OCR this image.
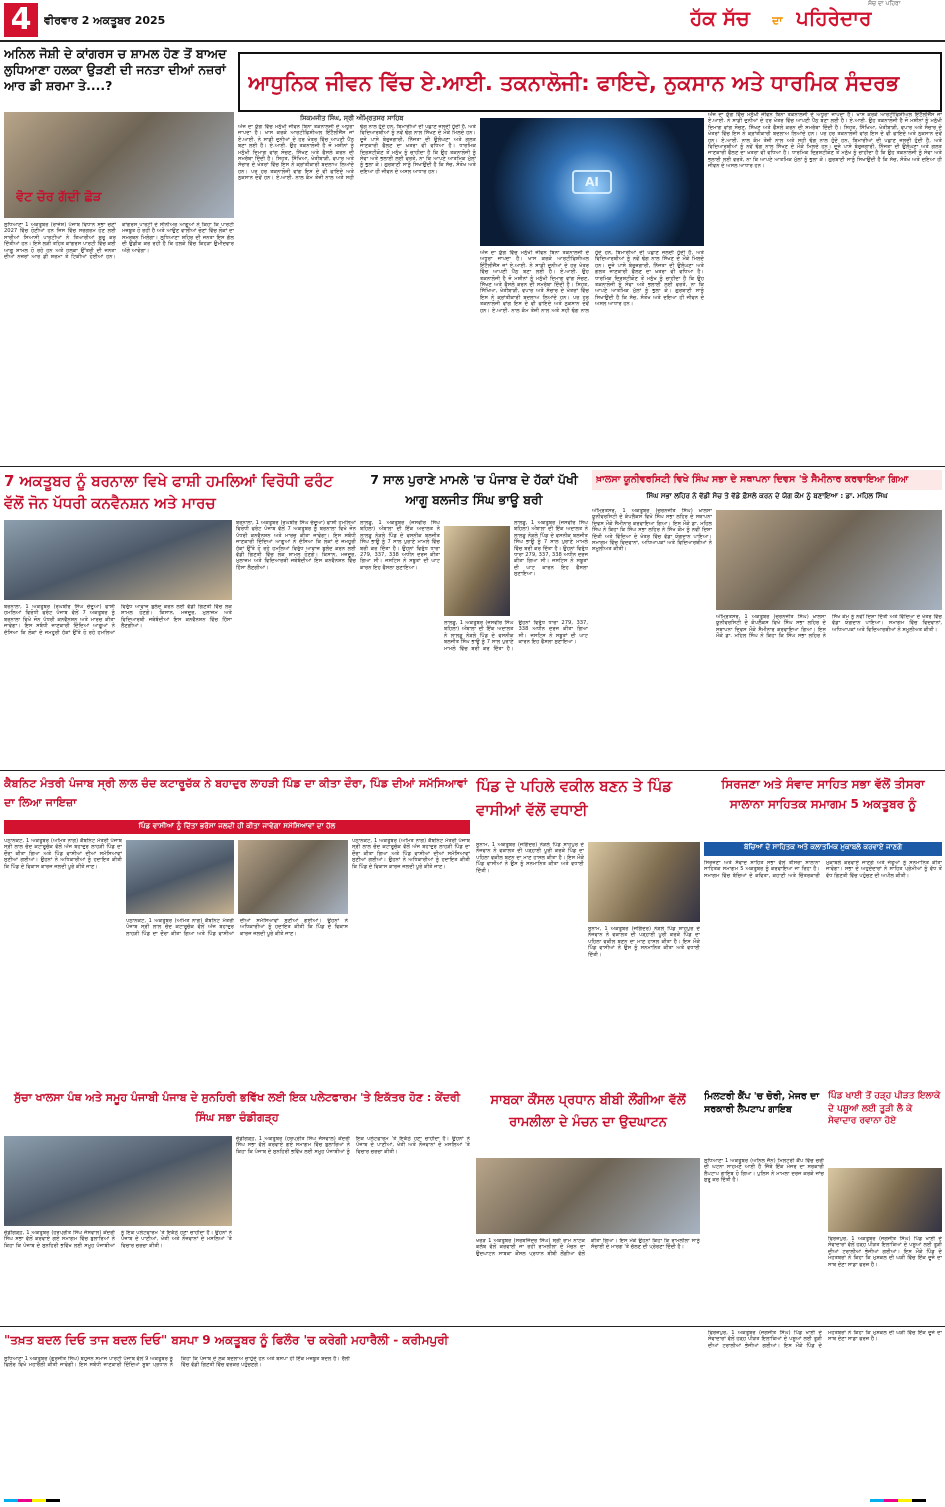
4	ਵੀਰਵਾਰ 2 ਅਕਤੂਬਰ 2025
ਸੱਚ ਦਾ ਪਹਿਰਾ
ਹੱਕ ਸੱਚ	ਦਾ ਪਹਿਰੇਦਾਰ
ਅਨਿਲ ਜੋਸ਼ੀ ਦੇ ਕਾਂਗਰਸ ਚ ਸ਼ਾਮਲ ਹੋਣ ਤੋਂ ਬਾਅਦ ਲੁਧਿਆਣਾ ਹਲਕਾ ਉੜਣੀ ਦੀ ਜਨਤਾ ਦੀਆਂ ਨਜ਼ਰਾਂ ਆਰ ਡੀ ਸ਼ਰਮਾ ਤੇ....?
ਵੋਟ ਚੋਰ ਗੱਦੀ ਛੋੜ
ਲੁਧਿਆਣਾ 1 ਅਕਤੂਬਰ (ਰਾਜੇਸ਼) ਪੰਜਾਬ ਵਿਧਾਨ ਸਭਾ ਚੋਣਾਂ 2027 ਵਿੱਚ ਹੋਣੀਆਂ ਹਨ ਜਿਸ ਵਿੱਚ ਸਰਗਰਮ ਹੋਣ ਲਈ ਸਾਰੀਆਂ ਸਿਆਸੀ ਪਾਰਟੀਆਂ ਨੇ ਤਿਆਰੀਆਂ ਸ਼ੁਰੂ ਕਰ ਦਿੱਤੀਆਂ ਹਨ। ਇਸੇ ਲੜੀ ਤਹਿਤ ਕਾਂਗਰਸ ਪਾਰਟੀ ਵਿੱਚ ਕਈ ਆਗੂ ਸ਼ਾਮਲ ਹੋ ਰਹੇ ਹਨ ਅਤੇ ਹਲਕਾ ਉੱਤਰੀ ਦੀ ਜਨਤਾ ਦੀਆਂ ਨਜ਼ਰਾਂ ਆਰ ਡੀ ਸ਼ਰਮਾ ਤੇ ਟਿਕੀਆਂ ਹੋਈਆਂ ਹਨ। ਕਾਂਗਰਸ ਪਾਰਟੀ ਦੇ ਸੀਨੀਅਰ ਆਗੂਆਂ ਨੇ ਕਿਹਾ ਕਿ ਪਾਰਟੀ ਮਜ਼ਬੂਤ ਹੋ ਰਹੀ ਹੈ ਅਤੇ ਆਉਣ ਵਾਲੀਆਂ ਚੋਣਾਂ ਵਿੱਚ ਲੋਕਾਂ ਦਾ ਸਮਰਥਨ ਮਿਲੇਗਾ। ਲੁਧਿਆਣਾ ਸ਼ਹਿਰ ਦੀ ਜਨਤਾ ਇਸ ਗੱਲ ਦੀ ਉਡੀਕ ਕਰ ਰਹੀ ਹੈ ਕਿ ਹਲਕੇ ਵਿੱਚ ਕਿਹੜਾ ਉਮੀਦਵਾਰ ਅੱਗੇ ਆਵੇਗਾ।
ਆਧੁਨਿਕ ਜੀਵਨ ਵਿੱਚ ਏ.ਆਈ. ਤਕਨਾਲੋਜੀ: ਫਾਇਦੇ, ਨੁਕਸਾਨ ਅਤੇ ਧਾਰਮਿਕ ਸੰਦਰਭ
ਸਿਕਮਜੀਤ ਸਿੰਘ, ਸ੍ਰੀ ਅੰਮ੍ਰਿਤਸਰ ਸਾਹਿਬ
AI
ਅੱਜ ਦਾ ਯੁੱਗ ਵਿੱਚ ਮਨੁੱਖੀ ਜੀਵਨ ਬਿਨਾ ਤਕਨਾਲੋਜੀ ਦੇ ਅਧੂਰਾ ਜਾਪਦਾ ਹੈ। ਖਾਸ ਕਰਕੇ ਆਰਟੀਫਿਸ਼ੀਅਲ ਇੰਟੈਲੀਜੈਂਸ ਜਾਂ ਏ.ਆਈ. ਨੇ ਸਾਡੀ ਦੁਨੀਆਂ ਦੇ ਹਰ ਖੇਤਰ ਵਿੱਚ ਆਪਣੀ ਪੈਂਠ ਬਣਾ ਲਈ ਹੈ। ਏ.ਆਈ. ਉਹ ਤਕਨਾਲੋਜੀ ਹੈ ਜੋ ਮਸ਼ੀਨਾਂ ਨੂੰ ਮਨੁੱਖੀ ਦਿਮਾਗ ਵਾਂਗ ਸੋਚਣ, ਸਿੱਖਣ ਅਤੇ ਫੈਸਲੇ ਕਰਨ ਦੀ ਸਮਰੱਥਾ ਦਿੰਦੀ ਹੈ। ਸਿਹਤ, ਸਿੱਖਿਆ, ਖੇਤੀਬਾੜੀ, ਵਪਾਰ ਅਤੇ ਸੰਚਾਰ ਦੇ ਖੇਤਰਾਂ ਵਿੱਚ ਇਸ ਨੇ ਕ੍ਰਾਂਤੀਕਾਰੀ ਬਦਲਾਅ ਲਿਆਂਦੇ ਹਨ। ਪਰ ਹਰ ਤਕਨਾਲੋਜੀ ਵਾਂਗ ਇਸ ਦੇ ਵੀ ਫਾਇਦੇ ਅਤੇ ਨੁਕਸਾਨ ਦੋਵੇਂ ਹਨ। ਏ.ਆਈ. ਨਾਲ ਕੰਮ ਤੇਜ਼ੀ ਨਾਲ ਅਤੇ ਸਹੀ ਢੰਗ ਨਾਲ ਹੁੰਦੇ ਹਨ, ਬਿਮਾਰੀਆਂ ਦੀ ਪਛਾਣ ਜਲਦੀ ਹੁੰਦੀ ਹੈ, ਅਤੇ ਵਿਦਿਆਰਥੀਆਂ ਨੂੰ ਨਵੇਂ ਢੰਗ ਨਾਲ ਸਿੱਖਣ ਦੇ ਮੌਕੇ ਮਿਲਦੇ ਹਨ। ਦੂਜੇ ਪਾਸੇ ਬੇਰੁਜ਼ਗਾਰੀ, ਨਿੱਜਤਾ ਦੀ ਉਲੰਘਣਾ ਅਤੇ ਗਲਤ ਜਾਣਕਾਰੀ ਫੈਲਣ ਦਾ ਖ਼ਤਰਾ ਵੀ ਵਧਿਆ ਹੈ। ਧਾਰਮਿਕ ਦ੍ਰਿਸ਼ਟੀਕੋਣ ਤੋਂ ਮਨੁੱਖ ਨੂੰ ਚਾਹੀਦਾ ਹੈ ਕਿ ਉਹ ਤਕਨਾਲੋਜੀ ਨੂੰ ਸੇਵਾ ਅਤੇ ਭਲਾਈ ਲਈ ਵਰਤੇ, ਨਾ ਕਿ ਆਪਣੇ ਆਤਮਿਕ ਮੁੱਲਾਂ ਨੂੰ ਭੁਲਾ ਕੇ। ਗੁਰਬਾਣੀ ਸਾਨੂੰ ਸਿਖਾਉਂਦੀ ਹੈ ਕਿ ਸੱਚ, ਸੰਤੋਖ ਅਤੇ ਦਇਆ ਹੀ ਜੀਵਨ ਦੇ ਅਸਲ ਆਧਾਰ ਹਨ।
ਅੱਜ ਦਾ ਯੁੱਗ ਵਿੱਚ ਮਨੁੱਖੀ ਜੀਵਨ ਬਿਨਾ ਤਕਨਾਲੋਜੀ ਦੇ ਅਧੂਰਾ ਜਾਪਦਾ ਹੈ। ਖਾਸ ਕਰਕੇ ਆਰਟੀਫਿਸ਼ੀਅਲ ਇੰਟੈਲੀਜੈਂਸ ਜਾਂ ਏ.ਆਈ. ਨੇ ਸਾਡੀ ਦੁਨੀਆਂ ਦੇ ਹਰ ਖੇਤਰ ਵਿੱਚ ਆਪਣੀ ਪੈਂਠ ਬਣਾ ਲਈ ਹੈ। ਏ.ਆਈ. ਉਹ ਤਕਨਾਲੋਜੀ ਹੈ ਜੋ ਮਸ਼ੀਨਾਂ ਨੂੰ ਮਨੁੱਖੀ ਦਿਮਾਗ ਵਾਂਗ ਸੋਚਣ, ਸਿੱਖਣ ਅਤੇ ਫੈਸਲੇ ਕਰਨ ਦੀ ਸਮਰੱਥਾ ਦਿੰਦੀ ਹੈ। ਸਿਹਤ, ਸਿੱਖਿਆ, ਖੇਤੀਬਾੜੀ, ਵਪਾਰ ਅਤੇ ਸੰਚਾਰ ਦੇ ਖੇਤਰਾਂ ਵਿੱਚ ਇਸ ਨੇ ਕ੍ਰਾਂਤੀਕਾਰੀ ਬਦਲਾਅ ਲਿਆਂਦੇ ਹਨ। ਪਰ ਹਰ ਤਕਨਾਲੋਜੀ ਵਾਂਗ ਇਸ ਦੇ ਵੀ ਫਾਇਦੇ ਅਤੇ ਨੁਕਸਾਨ ਦੋਵੇਂ ਹਨ। ਏ.ਆਈ. ਨਾਲ ਕੰਮ ਤੇਜ਼ੀ ਨਾਲ ਅਤੇ ਸਹੀ ਢੰਗ ਨਾਲ ਹੁੰਦੇ ਹਨ, ਬਿਮਾਰੀਆਂ ਦੀ ਪਛਾਣ ਜਲਦੀ ਹੁੰਦੀ ਹੈ, ਅਤੇ ਵਿਦਿਆਰਥੀਆਂ ਨੂੰ ਨਵੇਂ ਢੰਗ ਨਾਲ ਸਿੱਖਣ ਦੇ ਮੌਕੇ ਮਿਲਦੇ ਹਨ। ਦੂਜੇ ਪਾਸੇ ਬੇਰੁਜ਼ਗਾਰੀ, ਨਿੱਜਤਾ ਦੀ ਉਲੰਘਣਾ ਅਤੇ ਗਲਤ ਜਾਣਕਾਰੀ ਫੈਲਣ ਦਾ ਖ਼ਤਰਾ ਵੀ ਵਧਿਆ ਹੈ। ਧਾਰਮਿਕ ਦ੍ਰਿਸ਼ਟੀਕੋਣ ਤੋਂ ਮਨੁੱਖ ਨੂੰ ਚਾਹੀਦਾ ਹੈ ਕਿ ਉਹ ਤਕਨਾਲੋਜੀ ਨੂੰ ਸੇਵਾ ਅਤੇ ਭਲਾਈ ਲਈ ਵਰਤੇ, ਨਾ ਕਿ ਆਪਣੇ ਆਤਮਿਕ ਮੁੱਲਾਂ ਨੂੰ ਭੁਲਾ ਕੇ। ਗੁਰਬਾਣੀ ਸਾਨੂੰ ਸਿਖਾਉਂਦੀ ਹੈ ਕਿ ਸੱਚ, ਸੰਤੋਖ ਅਤੇ ਦਇਆ ਹੀ ਜੀਵਨ ਦੇ ਅਸਲ ਆਧਾਰ ਹਨ।
ਅੱਜ ਦਾ ਯੁੱਗ ਵਿੱਚ ਮਨੁੱਖੀ ਜੀਵਨ ਬਿਨਾ ਤਕਨਾਲੋਜੀ ਦੇ ਅਧੂਰਾ ਜਾਪਦਾ ਹੈ। ਖਾਸ ਕਰਕੇ ਆਰਟੀਫਿਸ਼ੀਅਲ ਇੰਟੈਲੀਜੈਂਸ ਜਾਂ ਏ.ਆਈ. ਨੇ ਸਾਡੀ ਦੁਨੀਆਂ ਦੇ ਹਰ ਖੇਤਰ ਵਿੱਚ ਆਪਣੀ ਪੈਂਠ ਬਣਾ ਲਈ ਹੈ। ਏ.ਆਈ. ਉਹ ਤਕਨਾਲੋਜੀ ਹੈ ਜੋ ਮਸ਼ੀਨਾਂ ਨੂੰ ਮਨੁੱਖੀ ਦਿਮਾਗ ਵਾਂਗ ਸੋਚਣ, ਸਿੱਖਣ ਅਤੇ ਫੈਸਲੇ ਕਰਨ ਦੀ ਸਮਰੱਥਾ ਦਿੰਦੀ ਹੈ। ਸਿਹਤ, ਸਿੱਖਿਆ, ਖੇਤੀਬਾੜੀ, ਵਪਾਰ ਅਤੇ ਸੰਚਾਰ ਦੇ ਖੇਤਰਾਂ ਵਿੱਚ ਇਸ ਨੇ ਕ੍ਰਾਂਤੀਕਾਰੀ ਬਦਲਾਅ ਲਿਆਂਦੇ ਹਨ। ਪਰ ਹਰ ਤਕਨਾਲੋਜੀ ਵਾਂਗ ਇਸ ਦੇ ਵੀ ਫਾਇਦੇ ਅਤੇ ਨੁਕਸਾਨ ਦੋਵੇਂ ਹਨ। ਏ.ਆਈ. ਨਾਲ ਕੰਮ ਤੇਜ਼ੀ ਨਾਲ ਅਤੇ ਸਹੀ ਢੰਗ ਨਾਲ ਹੁੰਦੇ ਹਨ, ਬਿਮਾਰੀਆਂ ਦੀ ਪਛਾਣ ਜਲਦੀ ਹੁੰਦੀ ਹੈ, ਅਤੇ ਵਿਦਿਆਰਥੀਆਂ ਨੂੰ ਨਵੇਂ ਢੰਗ ਨਾਲ ਸਿੱਖਣ ਦੇ ਮੌਕੇ ਮਿਲਦੇ ਹਨ। ਦੂਜੇ ਪਾਸੇ ਬੇਰੁਜ਼ਗਾਰੀ, ਨਿੱਜਤਾ ਦੀ ਉਲੰਘਣਾ ਅਤੇ ਗਲਤ ਜਾਣਕਾਰੀ ਫੈਲਣ ਦਾ ਖ਼ਤਰਾ ਵੀ ਵਧਿਆ ਹੈ। ਧਾਰਮਿਕ ਦ੍ਰਿਸ਼ਟੀਕੋਣ ਤੋਂ ਮਨੁੱਖ ਨੂੰ ਚਾਹੀਦਾ ਹੈ ਕਿ ਉਹ ਤਕਨਾਲੋਜੀ ਨੂੰ ਸੇਵਾ ਅਤੇ ਭਲਾਈ ਲਈ ਵਰਤੇ, ਨਾ ਕਿ ਆਪਣੇ ਆਤਮਿਕ ਮੁੱਲਾਂ ਨੂੰ ਭੁਲਾ ਕੇ। ਗੁਰਬਾਣੀ ਸਾਨੂੰ ਸਿਖਾਉਂਦੀ ਹੈ ਕਿ ਸੱਚ, ਸੰਤੋਖ ਅਤੇ ਦਇਆ ਹੀ ਜੀਵਨ ਦੇ ਅਸਲ ਆਧਾਰ ਹਨ।
7 ਅਕਤੂਬਰ ਨੂੰ ਬਰਨਾਲਾ ਵਿਖੇ ਫਾਸ਼ੀ ਹਮਲਿਆਂ ਵਿਰੋਧੀ ਫਰੰਟ ਵੱਲੋਂ ਜੋਨ ਪੱਧਰੀ ਕਨਵੈਨਸ਼ਨ ਅਤੇ ਮਾਰਚ
ਬਰਨਾਲਾ, 1 ਅਕਤੂਬਰ (ਰਘਬੀਰ ਸਿੰਘ ਚੰਦੂਆ) ਫਾਸ਼ੀ ਹਮਲਿਆਂ ਵਿਰੋਧੀ ਫਰੰਟ ਪੰਜਾਬ ਵੱਲੋਂ 7 ਅਕਤੂਬਰ ਨੂੰ ਬਰਨਾਲਾ ਵਿਖੇ ਜੋਨ ਪੱਧਰੀ ਕਨਵੈਨਸ਼ਨ ਅਤੇ ਮਾਰਚ ਕੀਤਾ ਜਾਵੇਗਾ। ਇਸ ਸਬੰਧੀ ਜਾਣਕਾਰੀ ਦਿੰਦਿਆਂ ਆਗੂਆਂ ਨੇ ਦੱਸਿਆ ਕਿ ਲੋਕਾਂ ਦੇ ਜਮਹੂਰੀ ਹੱਕਾਂ ਉੱਤੇ ਹੋ ਰਹੇ ਹਮਲਿਆਂ ਵਿਰੁੱਧ ਆਵਾਜ਼ ਬੁਲੰਦ ਕਰਨ ਲਈ ਵੱਡੀ ਗਿਣਤੀ ਵਿੱਚ ਲੋਕ ਸ਼ਾਮਲ ਹੋਣਗੇ। ਕਿਸਾਨ, ਮਜ਼ਦੂਰ, ਮੁਲਾਜ਼ਮ ਅਤੇ ਵਿਦਿਆਰਥੀ ਜਥੇਬੰਦੀਆਂ ਇਸ ਕਨਵੈਨਸ਼ਨ ਵਿੱਚ ਹਿੱਸਾ ਲੈਣਗੀਆਂ।
ਬਰਨਾਲਾ, 1 ਅਕਤੂਬਰ (ਰਘਬੀਰ ਸਿੰਘ ਚੰਦੂਆ) ਫਾਸ਼ੀ ਹਮਲਿਆਂ ਵਿਰੋਧੀ ਫਰੰਟ ਪੰਜਾਬ ਵੱਲੋਂ 7 ਅਕਤੂਬਰ ਨੂੰ ਬਰਨਾਲਾ ਵਿਖੇ ਜੋਨ ਪੱਧਰੀ ਕਨਵੈਨਸ਼ਨ ਅਤੇ ਮਾਰਚ ਕੀਤਾ ਜਾਵੇਗਾ। ਇਸ ਸਬੰਧੀ ਜਾਣਕਾਰੀ ਦਿੰਦਿਆਂ ਆਗੂਆਂ ਨੇ ਦੱਸਿਆ ਕਿ ਲੋਕਾਂ ਦੇ ਜਮਹੂਰੀ ਹੱਕਾਂ ਉੱਤੇ ਹੋ ਰਹੇ ਹਮਲਿਆਂ ਵਿਰੁੱਧ ਆਵਾਜ਼ ਬੁਲੰਦ ਕਰਨ ਲਈ ਵੱਡੀ ਗਿਣਤੀ ਵਿੱਚ ਲੋਕ ਸ਼ਾਮਲ ਹੋਣਗੇ। ਕਿਸਾਨ, ਮਜ਼ਦੂਰ, ਮੁਲਾਜ਼ਮ ਅਤੇ ਵਿਦਿਆਰਥੀ ਜਥੇਬੰਦੀਆਂ ਇਸ ਕਨਵੈਨਸ਼ਨ ਵਿੱਚ ਹਿੱਸਾ ਲੈਣਗੀਆਂ।
7 ਸਾਲ ਪੁਰਾਣੇ ਮਾਮਲੇ 'ਚ ਪੰਜਾਬ ਦੇ ਹੱਕਾਂ ਪੱਖੀ ਆਗੂ ਬਲਜੀਤ ਸਿੰਘ ਭਾਊ ਬਰੀ
ਲਾਲੜੂ, 1 ਅਕਤੂਬਰ (ਜਸਵੀਰ ਸਿੰਘ ਬਹਿਲਾ) ਅੰਬਾਲਾ ਦੀ ਇੱਕ ਅਦਾਲਤ ਨੇ ਲਾਲੜੂ ਨੇੜਲੇ ਪਿੰਡ ਦੇ ਵਸਨੀਕ ਬਲਜੀਤ ਸਿੰਘ ਭਾਊ ਨੂੰ 7 ਸਾਲ ਪੁਰਾਣੇ ਮਾਮਲੇ ਵਿੱਚ ਬਰੀ ਕਰ ਦਿੱਤਾ ਹੈ। ਉਹਨਾਂ ਵਿਰੁੱਧ ਧਾਰਾ 279, 337, 338 ਅਧੀਨ ਦਰਜ ਕੀਤਾ ਗਿਆ ਸੀ। ਜਸਟਿਸ ਨੇ ਸਬੂਤਾਂ ਦੀ ਘਾਟ ਕਾਰਨ ਇਹ ਫੈਸਲਾ ਸੁਣਾਇਆ।
ਲਾਲੜੂ, 1 ਅਕਤੂਬਰ (ਜਸਵੀਰ ਸਿੰਘ ਬਹਿਲਾ) ਅੰਬਾਲਾ ਦੀ ਇੱਕ ਅਦਾਲਤ ਨੇ ਲਾਲੜੂ ਨੇੜਲੇ ਪਿੰਡ ਦੇ ਵਸਨੀਕ ਬਲਜੀਤ ਸਿੰਘ ਭਾਊ ਨੂੰ 7 ਸਾਲ ਪੁਰਾਣੇ ਮਾਮਲੇ ਵਿੱਚ ਬਰੀ ਕਰ ਦਿੱਤਾ ਹੈ। ਉਹਨਾਂ ਵਿਰੁੱਧ ਧਾਰਾ 279, 337, 338 ਅਧੀਨ ਦਰਜ ਕੀਤਾ ਗਿਆ ਸੀ। ਜਸਟਿਸ ਨੇ ਸਬੂਤਾਂ ਦੀ ਘਾਟ ਕਾਰਨ ਇਹ ਫੈਸਲਾ ਸੁਣਾਇਆ।
ਲਾਲੜੂ, 1 ਅਕਤੂਬਰ (ਜਸਵੀਰ ਸਿੰਘ ਬਹਿਲਾ) ਅੰਬਾਲਾ ਦੀ ਇੱਕ ਅਦਾਲਤ ਨੇ ਲਾਲੜੂ ਨੇੜਲੇ ਪਿੰਡ ਦੇ ਵਸਨੀਕ ਬਲਜੀਤ ਸਿੰਘ ਭਾਊ ਨੂੰ 7 ਸਾਲ ਪੁਰਾਣੇ ਮਾਮਲੇ ਵਿੱਚ ਬਰੀ ਕਰ ਦਿੱਤਾ ਹੈ। ਉਹਨਾਂ ਵਿਰੁੱਧ ਧਾਰਾ 279, 337, 338 ਅਧੀਨ ਦਰਜ ਕੀਤਾ ਗਿਆ ਸੀ। ਜਸਟਿਸ ਨੇ ਸਬੂਤਾਂ ਦੀ ਘਾਟ ਕਾਰਨ ਇਹ ਫੈਸਲਾ ਸੁਣਾਇਆ।
ਖ਼ਾਲਸਾ ਯੂਨੀਵਰਸਿਟੀ ਵਿਖੇ ਸਿੰਘ ਸਭਾ ਦੇ ਸਥਾਪਨਾ ਦਿਵਸ 'ਤੇ ਸੈਮੀਨਾਰ ਕਰਵਾਇਆ ਗਿਆ
ਸਿੰਘ ਸਭਾ ਲਹਿਰ ਨੇ ਵੱਡੀ ਸੋਚ ਤੇ ਵੱਡੇ ਫ਼ੈਸਲੇ ਕਰਨ ਦੇ ਯੋਗ ਕੌਮ ਨੂੰ ਬਣਾਇਆ : ਡਾ. ਮਹਿਲ ਸਿੰਘ
ਅੰਮ੍ਰਿਤਸਰ, 1 ਅਕਤੂਬਰ (ਚਰਨਜੀਤ ਸਿੰਘ) ਖ਼ਾਲਸਾ ਯੂਨੀਵਰਸਿਟੀ ਦੇ ਕੰਪਲੈਕਸ ਵਿਖੇ ਸਿੰਘ ਸਭਾ ਲਹਿਰ ਦੇ ਸਥਾਪਨਾ ਦਿਵਸ ਮੌਕੇ ਸੈਮੀਨਾਰ ਕਰਵਾਇਆ ਗਿਆ। ਇਸ ਮੌਕੇ ਡਾ. ਮਹਿਲ ਸਿੰਘ ਨੇ ਕਿਹਾ ਕਿ ਸਿੰਘ ਸਭਾ ਲਹਿਰ ਨੇ ਸਿੱਖ ਕੌਮ ਨੂੰ ਨਵੀਂ ਦਿਸ਼ਾ ਦਿੱਤੀ ਅਤੇ ਵਿੱਦਿਆ ਦੇ ਖੇਤਰ ਵਿੱਚ ਵੱਡਾ ਯੋਗਦਾਨ ਪਾਇਆ। ਸਮਾਗਮ ਵਿੱਚ ਵਿਦਵਾਨਾਂ, ਅਧਿਆਪਕਾਂ ਅਤੇ ਵਿਦਿਆਰਥੀਆਂ ਨੇ ਸ਼ਮੂਲੀਅਤ ਕੀਤੀ।
ਅੰਮ੍ਰਿਤਸਰ, 1 ਅਕਤੂਬਰ (ਚਰਨਜੀਤ ਸਿੰਘ) ਖ਼ਾਲਸਾ ਯੂਨੀਵਰਸਿਟੀ ਦੇ ਕੰਪਲੈਕਸ ਵਿਖੇ ਸਿੰਘ ਸਭਾ ਲਹਿਰ ਦੇ ਸਥਾਪਨਾ ਦਿਵਸ ਮੌਕੇ ਸੈਮੀਨਾਰ ਕਰਵਾਇਆ ਗਿਆ। ਇਸ ਮੌਕੇ ਡਾ. ਮਹਿਲ ਸਿੰਘ ਨੇ ਕਿਹਾ ਕਿ ਸਿੰਘ ਸਭਾ ਲਹਿਰ ਨੇ ਸਿੱਖ ਕੌਮ ਨੂੰ ਨਵੀਂ ਦਿਸ਼ਾ ਦਿੱਤੀ ਅਤੇ ਵਿੱਦਿਆ ਦੇ ਖੇਤਰ ਵਿੱਚ ਵੱਡਾ ਯੋਗਦਾਨ ਪਾਇਆ। ਸਮਾਗਮ ਵਿੱਚ ਵਿਦਵਾਨਾਂ, ਅਧਿਆਪਕਾਂ ਅਤੇ ਵਿਦਿਆਰਥੀਆਂ ਨੇ ਸ਼ਮੂਲੀਅਤ ਕੀਤੀ।
ਕੈਬਨਿਟ ਮੰਤਰੀ ਪੰਜਾਬ ਸ੍ਰੀ ਲਾਲ ਚੰਦ ਕਟਾਰੂਚੱਕ ਨੇ ਬਹਾਦੁਰ ਲਾਹੜੀ ਪਿੰਡ ਦਾ ਕੀਤਾ ਦੌਰਾ, ਪਿੰਡ ਦੀਆਂ ਸਮੱਸਿਆਵਾਂ ਦਾ ਲਿਆ ਜਾਇਜ਼ਾ
ਪਿੰਡ ਵਾਸੀਆਂ ਨੂੰ ਦਿੱਤਾ ਭਰੋਸਾ ਜਲਦੀ ਹੀ ਕੀਤਾ ਜਾਵੇਗਾ ਸਮੱਸਿਆਵਾਂ ਦਾ ਹੱਲ
ਪਠਾਨਕੋਟ, 1 ਅਕਤੂਬਰ (ਅਮਿਤ ਨਾਗ) ਕੈਬਨਿਟ ਮੰਤਰੀ ਪੰਜਾਬ ਸ੍ਰੀ ਲਾਲ ਚੰਦ ਕਟਾਰੂਚੱਕ ਵੱਲੋਂ ਅੱਜ ਬਹਾਦੁਰ ਲਾਹੜੀ ਪਿੰਡ ਦਾ ਦੌਰਾ ਕੀਤਾ ਗਿਆ ਅਤੇ ਪਿੰਡ ਵਾਸੀਆਂ ਦੀਆਂ ਸਮੱਸਿਆਵਾਂ ਸੁਣੀਆਂ ਗਈਆਂ। ਉਹਨਾਂ ਨੇ ਅਧਿਕਾਰੀਆਂ ਨੂੰ ਹਦਾਇਤ ਕੀਤੀ ਕਿ ਪਿੰਡ ਦੇ ਵਿਕਾਸ ਕਾਰਜ ਜਲਦੀ ਪੂਰੇ ਕੀਤੇ ਜਾਣ।
ਪਠਾਨਕੋਟ, 1 ਅਕਤੂਬਰ (ਅਮਿਤ ਨਾਗ) ਕੈਬਨਿਟ ਮੰਤਰੀ ਪੰਜਾਬ ਸ੍ਰੀ ਲਾਲ ਚੰਦ ਕਟਾਰੂਚੱਕ ਵੱਲੋਂ ਅੱਜ ਬਹਾਦੁਰ ਲਾਹੜੀ ਪਿੰਡ ਦਾ ਦੌਰਾ ਕੀਤਾ ਗਿਆ ਅਤੇ ਪਿੰਡ ਵਾਸੀਆਂ ਦੀਆਂ ਸਮੱਸਿਆਵਾਂ ਸੁਣੀਆਂ ਗਈਆਂ। ਉਹਨਾਂ ਨੇ ਅਧਿਕਾਰੀਆਂ ਨੂੰ ਹਦਾਇਤ ਕੀਤੀ ਕਿ ਪਿੰਡ ਦੇ ਵਿਕਾਸ ਕਾਰਜ ਜਲਦੀ ਪੂਰੇ ਕੀਤੇ ਜਾਣ।
ਪਠਾਨਕੋਟ, 1 ਅਕਤੂਬਰ (ਅਮਿਤ ਨਾਗ) ਕੈਬਨਿਟ ਮੰਤਰੀ ਪੰਜਾਬ ਸ੍ਰੀ ਲਾਲ ਚੰਦ ਕਟਾਰੂਚੱਕ ਵੱਲੋਂ ਅੱਜ ਬਹਾਦੁਰ ਲਾਹੜੀ ਪਿੰਡ ਦਾ ਦੌਰਾ ਕੀਤਾ ਗਿਆ ਅਤੇ ਪਿੰਡ ਵਾਸੀਆਂ ਦੀਆਂ ਸਮੱਸਿਆਵਾਂ ਸੁਣੀਆਂ ਗਈਆਂ। ਉਹਨਾਂ ਨੇ ਅਧਿਕਾਰੀਆਂ ਨੂੰ ਹਦਾਇਤ ਕੀਤੀ ਕਿ ਪਿੰਡ ਦੇ ਵਿਕਾਸ ਕਾਰਜ ਜਲਦੀ ਪੂਰੇ ਕੀਤੇ ਜਾਣ।
ਪਿੰਡ ਦੇ ਪਹਿਲੇ ਵਕੀਲ ਬਣਨ ਤੇ ਪਿੰਡ ਵਾਸੀਆਂ ਵੱਲੋਂ ਵਧਾਈ
ਸੁਨਾਮ, 1 ਅਕਤੂਬਰ (ਜੋਗਿੰਦਰ) ਨੇੜਲੇ ਪਿੰਡ ਸ਼ਾਹਪੁਰ ਦੇ ਨੌਜਵਾਨ ਨੇ ਵਕਾਲਤ ਦੀ ਪੜ੍ਹਾਈ ਪੂਰੀ ਕਰਕੇ ਪਿੰਡ ਦਾ ਪਹਿਲਾ ਵਕੀਲ ਬਣਨ ਦਾ ਮਾਣ ਹਾਸਲ ਕੀਤਾ ਹੈ। ਇਸ ਮੌਕੇ ਪਿੰਡ ਵਾਸੀਆਂ ਨੇ ਉਸ ਨੂੰ ਸਨਮਾਨਿਤ ਕੀਤਾ ਅਤੇ ਵਧਾਈ ਦਿੱਤੀ।
ਸੁਨਾਮ, 1 ਅਕਤੂਬਰ (ਜੋਗਿੰਦਰ) ਨੇੜਲੇ ਪਿੰਡ ਸ਼ਾਹਪੁਰ ਦੇ ਨੌਜਵਾਨ ਨੇ ਵਕਾਲਤ ਦੀ ਪੜ੍ਹਾਈ ਪੂਰੀ ਕਰਕੇ ਪਿੰਡ ਦਾ ਪਹਿਲਾ ਵਕੀਲ ਬਣਨ ਦਾ ਮਾਣ ਹਾਸਲ ਕੀਤਾ ਹੈ। ਇਸ ਮੌਕੇ ਪਿੰਡ ਵਾਸੀਆਂ ਨੇ ਉਸ ਨੂੰ ਸਨਮਾਨਿਤ ਕੀਤਾ ਅਤੇ ਵਧਾਈ ਦਿੱਤੀ।
ਸਿਰਜਣਾ ਅਤੇ ਸੰਵਾਦ ਸਾਹਿਤ ਸਭਾ ਵੱਲੋਂ ਤੀਸਰਾ ਸਾਲਾਨਾ ਸਾਹਿਤਕ ਸਮਾਗਮ 5 ਅਕਤੂਬਰ ਨੂੰ
ਬੱਚਿਆਂ ਦੇ ਸਾਹਿਤਕ ਅਤੇ ਕਲਾਤਮਿਕ ਮੁਕਾਬਲੇ ਕਰਵਾਏ ਜਾਣਗੇ
ਸਿਰਜਣਾ ਅਤੇ ਸੰਵਾਦ ਸਾਹਿਤ ਸਭਾ ਵੱਲੋਂ ਤੀਸਰਾ ਸਾਲਾਨਾ ਸਾਹਿਤਕ ਸਮਾਗਮ 5 ਅਕਤੂਬਰ ਨੂੰ ਕਰਵਾਇਆ ਜਾ ਰਿਹਾ ਹੈ। ਸਮਾਗਮ ਵਿੱਚ ਬੱਚਿਆਂ ਦੇ ਕਵਿਤਾ, ਕਹਾਣੀ ਅਤੇ ਚਿੱਤਰਕਾਰੀ ਮੁਕਾਬਲੇ ਕਰਵਾਏ ਜਾਣਗੇ ਅਤੇ ਜੇਤੂਆਂ ਨੂੰ ਸਨਮਾਨਿਤ ਕੀਤਾ ਜਾਵੇਗਾ। ਸਭਾ ਦੇ ਅਹੁਦੇਦਾਰਾਂ ਨੇ ਸਾਹਿਤ ਪ੍ਰੇਮੀਆਂ ਨੂੰ ਵੱਧ ਤੋਂ ਵੱਧ ਗਿਣਤੀ ਵਿੱਚ ਪਹੁੰਚਣ ਦੀ ਅਪੀਲ ਕੀਤੀ।
ਸੁੱਚਾ ਖਾਲਸਾ ਪੰਥ ਅਤੇ ਸਮੂਹ ਪੰਜਾਬੀ ਪੰਜਾਬ ਦੇ ਸੁਨਹਿਰੀ ਭਵਿੱਖ ਲਈ ਇਕ ਪਲੇਟਫਾਰਮ 'ਤੇ ਇਕੱਤਰ ਹੋਣ : ਕੇਂਦਰੀ ਸਿੰਘ ਸਭਾ ਚੰਡੀਗੜ੍ਹ
ਚੰਡੀਗੜ੍ਹ, 1 ਅਕਤੂਬਰ (ਹਰਪ੍ਰੀਤ ਸਿੰਘ ਜੱਸੋਵਾਲ) ਕੇਂਦਰੀ ਸਿੰਘ ਸਭਾ ਵੱਲੋਂ ਕਰਵਾਏ ਗਏ ਸਮਾਗਮ ਵਿੱਚ ਬੁਲਾਰਿਆਂ ਨੇ ਕਿਹਾ ਕਿ ਪੰਜਾਬ ਦੇ ਸੁਨਹਿਰੀ ਭਵਿੱਖ ਲਈ ਸਮੂਹ ਪੰਜਾਬੀਆਂ ਨੂੰ ਇਕ ਪਲੇਟਫਾਰਮ 'ਤੇ ਇਕੱਠੇ ਹੋਣਾ ਚਾਹੀਦਾ ਹੈ। ਉਹਨਾਂ ਨੇ ਪੰਜਾਬ ਦੇ ਪਾਣੀਆਂ, ਖੇਤੀ ਅਤੇ ਨੌਜਵਾਨਾਂ ਦੇ ਮਸਲਿਆਂ 'ਤੇ ਵਿਚਾਰ ਚਰਚਾ ਕੀਤੀ।
ਚੰਡੀਗੜ੍ਹ, 1 ਅਕਤੂਬਰ (ਹਰਪ੍ਰੀਤ ਸਿੰਘ ਜੱਸੋਵਾਲ) ਕੇਂਦਰੀ ਸਿੰਘ ਸਭਾ ਵੱਲੋਂ ਕਰਵਾਏ ਗਏ ਸਮਾਗਮ ਵਿੱਚ ਬੁਲਾਰਿਆਂ ਨੇ ਕਿਹਾ ਕਿ ਪੰਜਾਬ ਦੇ ਸੁਨਹਿਰੀ ਭਵਿੱਖ ਲਈ ਸਮੂਹ ਪੰਜਾਬੀਆਂ ਨੂੰ ਇਕ ਪਲੇਟਫਾਰਮ 'ਤੇ ਇਕੱਠੇ ਹੋਣਾ ਚਾਹੀਦਾ ਹੈ। ਉਹਨਾਂ ਨੇ ਪੰਜਾਬ ਦੇ ਪਾਣੀਆਂ, ਖੇਤੀ ਅਤੇ ਨੌਜਵਾਨਾਂ ਦੇ ਮਸਲਿਆਂ 'ਤੇ ਵਿਚਾਰ ਚਰਚਾ ਕੀਤੀ।
ਸਾਬਕਾ ਕੌਂਸਲ ਪ੍ਰਧਾਨ ਬੀਬੀ ਲੌਂਗੀਆ ਵੱਲੋਂ ਰਾਮਲੀਲਾ ਦੇ ਮੰਚਨ ਦਾ ਉਦਘਾਟਨ
ਖਰੜ 1 ਅਕਤੂਬਰ (ਸਰਬਜਿੰਦਰ ਸਿੰਘ) ਸ਼੍ਰੀ ਰਾਮ ਨਾਟਕ ਕਲੱਬ ਵੱਲੋਂ ਕਰਵਾਈ ਜਾ ਰਹੀ ਰਾਮਲੀਲਾ ਦੇ ਮੰਚਨ ਦਾ ਉਦਘਾਟਨ ਸਾਬਕਾ ਕੌਂਸਲ ਪ੍ਰਧਾਨ ਬੀਬੀ ਲੌਂਗੀਆ ਵੱਲੋਂ ਕੀਤਾ ਗਿਆ। ਇਸ ਮੌਕੇ ਉਹਨਾਂ ਕਿਹਾ ਕਿ ਰਾਮਲੀਲਾ ਸਾਨੂੰ ਸੱਚਾਈ ਦੇ ਮਾਰਗ 'ਤੇ ਚੱਲਣ ਦੀ ਪ੍ਰੇਰਣਾ ਦਿੰਦੀ ਹੈ।
ਮਿਲਟਰੀ ਕੈਂਪ 'ਚ ਚੋਰੀ, ਮੇਜਰ ਦਾ ਸਰਕਾਰੀ ਲੈਪਟਾਪ ਗਾਇਬ
ਲੁਧਿਆਣਾ 1 ਅਕਤੂਬਰ (ਅਨਿਲ ਜੈਨ) ਮਿਲਟਰੀ ਕੈਂਪ ਵਿੱਚ ਚੋਰੀ ਦੀ ਘਟਨਾ ਸਾਹਮਣੇ ਆਈ ਹੈ ਜਿੱਥੇ ਇੱਕ ਮੇਜਰ ਦਾ ਸਰਕਾਰੀ ਲੈਪਟਾਪ ਗਾਇਬ ਹੋ ਗਿਆ। ਪੁਲਿਸ ਨੇ ਮਾਮਲਾ ਦਰਜ ਕਰਕੇ ਜਾਂਚ ਸ਼ੁਰੂ ਕਰ ਦਿੱਤੀ ਹੈ।
ਪਿੰਡ ਖਾਈ ਤੋਂ ਹੜ੍ਹ ਪੀੜਤ ਇਲਾਕੇ ਦੇ ਪਸ਼ੂਆਂ ਲਈ ਤੂੜੀ ਲੈ ਕੇ ਸੇਵਾਦਾਰ ਰਵਾਨਾ ਹੋਏ
ਫਿਰੋਜ਼ਪੁਰ, 1 ਅਕਤੂਬਰ (ਜਗਜੀਤ ਸਿੰਘ) ਪਿੰਡ ਖਾਈ ਦੇ ਸੇਵਾਦਾਰਾਂ ਵੱਲੋਂ ਹੜ੍ਹ ਪੀੜਤ ਇਲਾਕਿਆਂ ਦੇ ਪਸ਼ੂਆਂ ਲਈ ਤੂੜੀ ਦੀਆਂ ਟਰਾਲੀਆਂ ਭੇਜੀਆਂ ਗਈਆਂ। ਇਸ ਮੌਕੇ ਪਿੰਡ ਦੇ ਮੋਹਤਬਰਾਂ ਨੇ ਕਿਹਾ ਕਿ ਮੁਸ਼ਕਲ ਦੀ ਘੜੀ ਵਿੱਚ ਇੱਕ ਦੂਜੇ ਦਾ ਸਾਥ ਦੇਣਾ ਸਾਡਾ ਫਰਜ਼ ਹੈ।
"ਤਖ਼ਤ ਬਦਲ ਦਿਓ ਤਾਜ ਬਦਲ ਦਿਓ" ਬਸਪਾ 9 ਅਕਤੂਬਰ ਨੂੰ ਫਿਲੌਰ 'ਚ ਕਰੇਗੀ ਮਹਾਰੈਲੀ - ਕਰੀਮਪੁਰੀ
ਲੁਧਿਆਣਾ 1 ਅਕਤੂਬਰ (ਗੁਰਜੀਤ ਸਿੰਘ) ਬਹੁਜਨ ਸਮਾਜ ਪਾਰਟੀ ਪੰਜਾਬ ਵੱਲੋਂ 9 ਅਕਤੂਬਰ ਨੂੰ ਫਿਲੌਰ ਵਿਖੇ ਮਹਾਰੈਲੀ ਕੀਤੀ ਜਾਵੇਗੀ। ਇਸ ਸਬੰਧੀ ਜਾਣਕਾਰੀ ਦਿੰਦਿਆਂ ਸੂਬਾ ਪ੍ਰਧਾਨ ਨੇ ਕਿਹਾ ਕਿ ਪੰਜਾਬ ਦੇ ਲੋਕ ਬਦਲਾਅ ਚਾਹੁੰਦੇ ਹਨ ਅਤੇ ਬਸਪਾ ਹੀ ਇੱਕ ਮਜ਼ਬੂਤ ਬਦਲ ਹੈ। ਰੈਲੀ ਵਿੱਚ ਵੱਡੀ ਗਿਣਤੀ ਵਿੱਚ ਵਰਕਰ ਪਹੁੰਚਣਗੇ।
ਫਿਰੋਜ਼ਪੁਰ, 1 ਅਕਤੂਬਰ (ਜਗਜੀਤ ਸਿੰਘ) ਪਿੰਡ ਖਾਈ ਦੇ ਸੇਵਾਦਾਰਾਂ ਵੱਲੋਂ ਹੜ੍ਹ ਪੀੜਤ ਇਲਾਕਿਆਂ ਦੇ ਪਸ਼ੂਆਂ ਲਈ ਤੂੜੀ ਦੀਆਂ ਟਰਾਲੀਆਂ ਭੇਜੀਆਂ ਗਈਆਂ। ਇਸ ਮੌਕੇ ਪਿੰਡ ਦੇ ਮੋਹਤਬਰਾਂ ਨੇ ਕਿਹਾ ਕਿ ਮੁਸ਼ਕਲ ਦੀ ਘੜੀ ਵਿੱਚ ਇੱਕ ਦੂਜੇ ਦਾ ਸਾਥ ਦੇਣਾ ਸਾਡਾ ਫਰਜ਼ ਹੈ।
